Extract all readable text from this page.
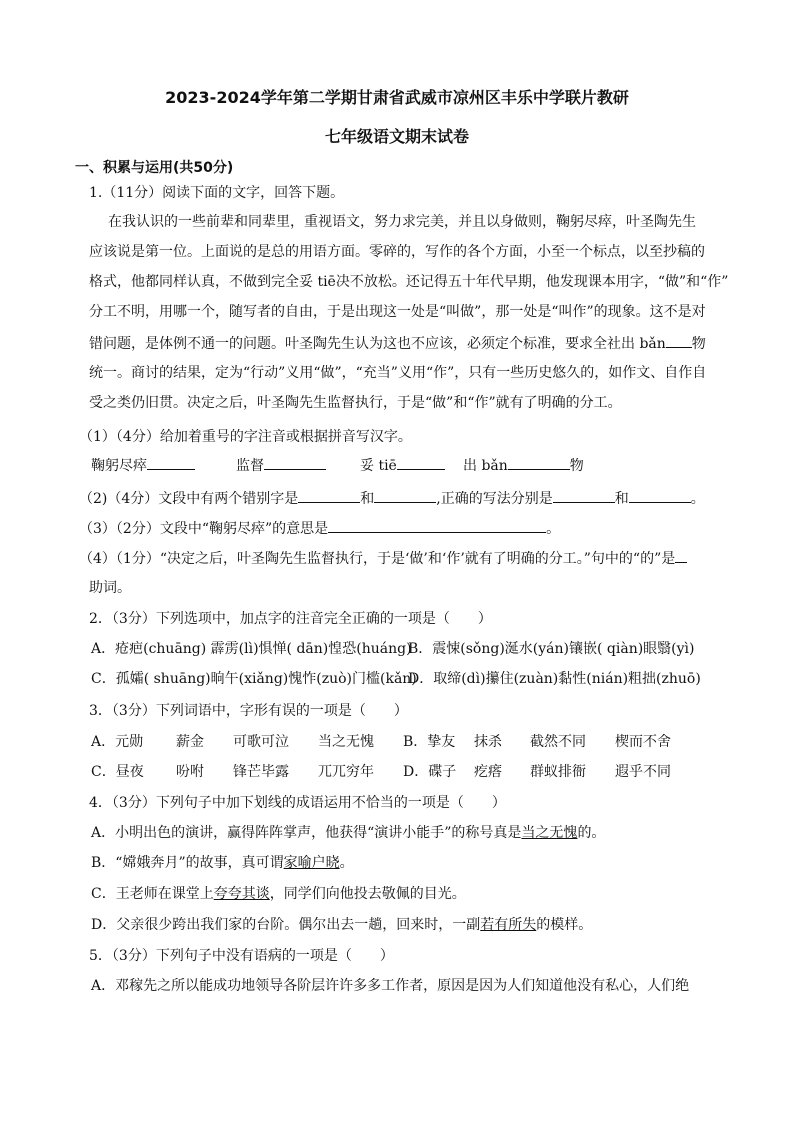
2023-2024学年第二学期甘肃省武威市凉州区丰乐中学联片教研
七年级语文期末试卷
一、积累与运用(共50分)
1.（11分）阅读下面的文字，回答下题。
在我认识的一些前辈和同辈里，重视语文，努力求完美，并且以身做则，鞠躬尽瘁，叶圣陶先生
应该说是第一位。上面说的是总的用语方面。零碎的，写作的各个方面，小至一个标点，以至抄稿的
格式，他都同样认真，不做到完全妥 tiē决不放松。还记得五十年代早期，他发现课本用字，“做”和“作”
分工不明，用哪一个，随写者的自由，于是出现这一处是“叫做”，那一处是“叫作”的现象。这不是对
错问题，是体例不通一的问题。叶圣陶先生认为这也不应该，必须定个标准，要求全社出 bǎn 物
统一。商讨的结果，定为“行动”义用“做”，“充当”义用“作”，只有一些历史悠久的，如作文、自作自
受之类仍旧贯。决定之后，叶圣陶先生监督执行，于是“做”和“作”就有了明确的分工。
（1）（4分）给加着重号的字注音或根据拼音写汉字。
鞠躬尽瘁	监督	妥 tiē	出 bǎn	物
（2)（4分）文段中有两个错别字是	和	,正确的写法分别是	和	。
（3）（2分）文段中“鞠躬尽瘁”的意思是	。
（4）（1分）“决定之后，叶圣陶先生监督执行，于是‘做’和‘作’就有了明确的分工。”句中的“的”是
助词。
2．（3分）下列选项中，加点字的注音完全正确的一项是（　　）
A．疮疤(chuāng) 霹雳(lì)惧惮( dān)惶恐(huáng)
B．震悚(sǒng)涎水(yán)镶嵌( qiàn)眼翳(yì)
C．孤孀( shuāng)晌午(xiǎng)愧怍(zuò)门槛(kǎn)
D．取缔(dì)攥住(zuàn)黏性(nián)粗拙(zhuō)
3．（3分）下列词语中，字形有误的一项是（　　）
A．元勋 薪金 可歌可泣 当之无愧 B．挚友 抹杀 截然不同 楔而不舍
C．昼夜 吩咐 锋芒毕露 兀兀穷年 D．碟子 疙瘩 群蚁排衙 遐乎不同
4．（3分）下列句子中加下划线的成语运用不恰当的一项是（　　）
A．小明出色的演讲，赢得阵阵掌声，他获得“演讲小能手”的称号真是当之无愧的。
B．“嫦娥奔月”的故事，真可谓家喻户晓。
C．王老师在课堂上夸夸其谈，同学们向他投去敬佩的目光。
D．父亲很少跨出我们家的台阶。偶尔出去一趟，回来时，一副若有所失的模样。
5．（3分）下列句子中没有语病的一项是（　　）
A．邓稼先之所以能成功地领导各阶层许许多多工作者，原因是因为人们知道他没有私心，人们绝
